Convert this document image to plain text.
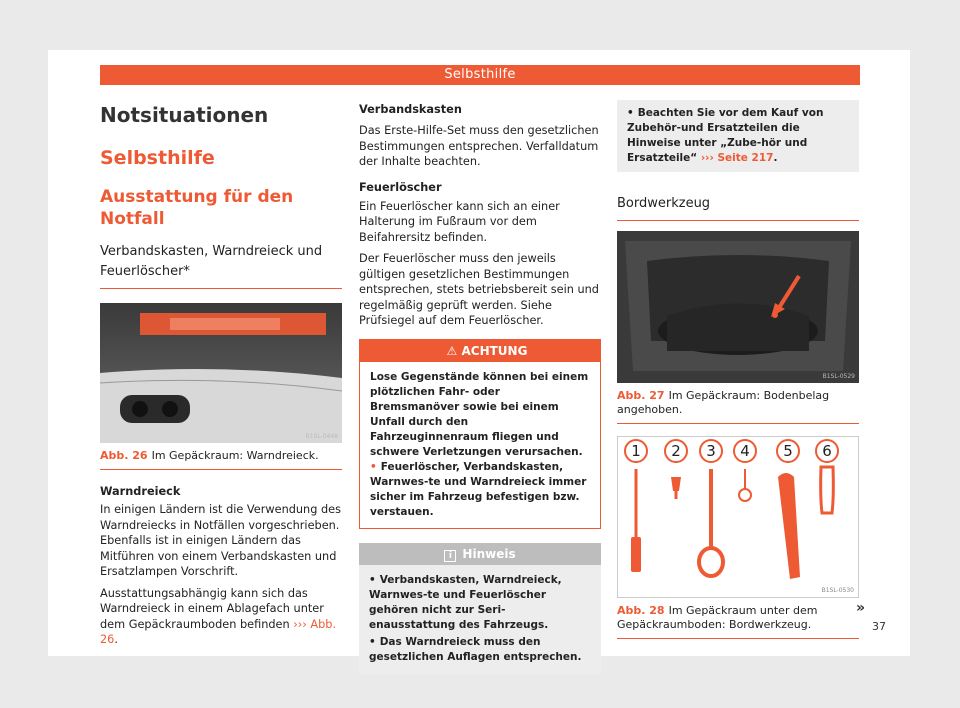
Selbsthilfe
Notsituationen
Selbsthilfe
Ausstattung für den Notfall
Verbandskasten, Warndreieck und Feuerlöscher*
B1SL-0448
Abb. 26 Im Gepäckraum: Warndreieck.
Warndreieck

In einigen Ländern ist die Verwendung des Warndreiecks in Notfällen vorgeschrieben. Ebenfalls ist in einigen Ländern das Mitführen von einem Verbandskasten und Ersatzlampen Vorschrift.

Ausstattungsabhängig kann sich das Warndreieck in einem Ablagefach unter dem Gepäckraumboden befinden ››› Abb. 26.

Verbandskasten

Das Erste-Hilfe-Set muss den gesetzlichen Bestimmungen entsprechen. Verfalldatum der Inhalte beachten.

Feuerlöscher

Ein Feuerlöscher kann sich an einer Halterung im Fußraum vor dem Beifahrersitz befinden.

Der Feuerlöscher muss den jeweils gültigen gesetzlichen Bestimmungen entsprechen, stets betriebsbereit sein und regelmäßig geprüft werden. Siehe Prüfsiegel auf dem Feuerlöscher.

⚠ ACHTUNG
Lose Gegenstände können bei einem plötzlichen Fahr- oder Bremsmanöver sowie bei einem Unfall durch den Fahrzeuginnenraum fliegen und schwere Verletzungen verursachen.
• Feuerlöscher, Verbandskasten, Warnwes-te und Warndreieck immer sicher im Fahrzeug befestigen bzw. verstauen.
i Hinweis
• Verbandskasten, Warndreieck, Warnwes-te und Feuerlöscher gehören nicht zur Seri-enausstattung des Fahrzeugs.
• Das Warndreieck muss den gesetzlichen Auflagen entsprechen.
• Beachten Sie vor dem Kauf von Zubehör-und Ersatzteilen die Hinweise unter „Zube-hör und Ersatzteile“ ››› Seite 217.
Bordwerkzeug
B1SL-0529
Abb. 27 Im Gepäckraum: Bodenbelag angehoben.
1 2 3 4 5 6
B1SL-0530
Abb. 28 Im Gepäckraum unter dem Gepäckraumboden: Bordwerkzeug.
»
37
